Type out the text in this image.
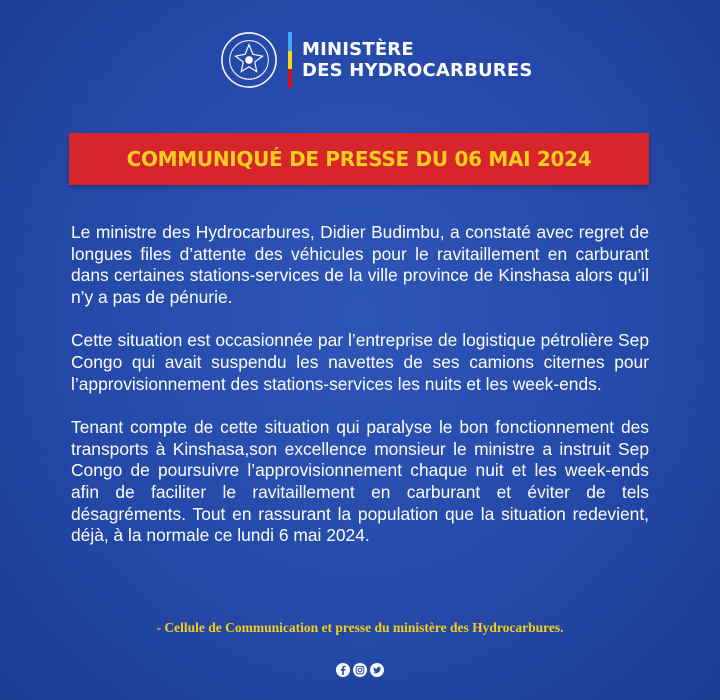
MINISTÈRE
DES HYDROCARBURES
COMMUNIQUÉ DE PRESSE DU 06 MAI 2024

Le ministre des Hydrocarbures, Didier Budimbu, a constaté avec regret de longues files d’attente des véhicules pour le ravitaillement en carburant dans certaines stations-services de la ville province de Kinshasa alors qu’il n’y a pas de pénurie.

Cette situation est occasionnée par l’entreprise de logistique pétrolière Sep Congo qui avait suspendu les navettes de ses camions citernes pour l’approvisionnement des stations-services les nuits et les week-ends.

Tenant compte de cette situation qui paralyse le bon fonctionnement des transports à Kinshasa,son excellence monsieur le ministre a instruit Sep Congo de poursuivre l’approvisionnement chaque nuit et les week-ends afin de faciliter le ravitaillement en carburant et éviter de tels désagréments. Tout en rassurant la population que la situation redevient, déjà, à la normale ce lundi 6 mai 2024.

- Cellule de Communication et presse du ministère des Hydrocarbures.
